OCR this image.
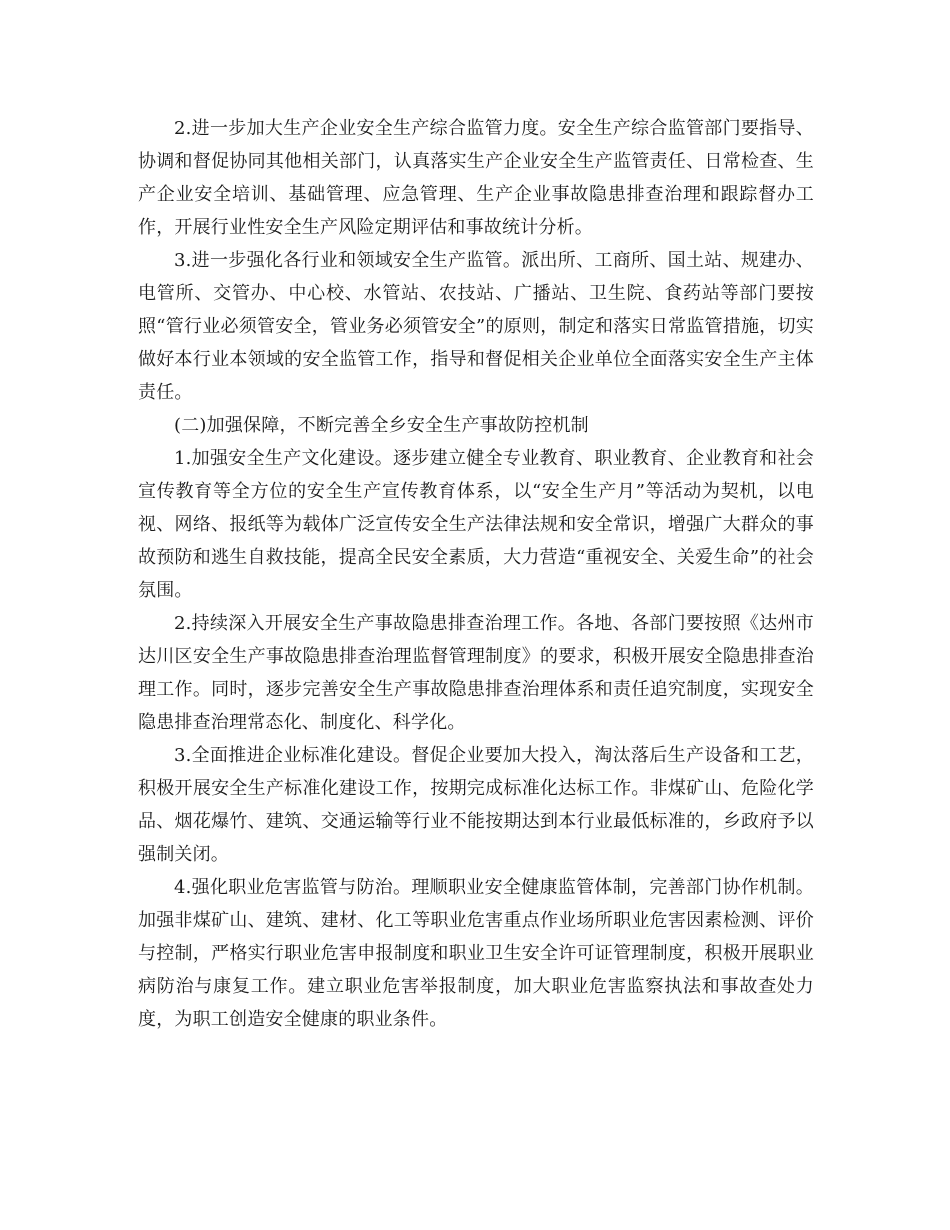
2.进一步加大生产企业安全生产综合监管力度。安全生产综合监管部门要指导、协调和督促协同其他相关部门，认真落实生产企业安全生产监管责任、日常检查、生产企业安全培训、基础管理、应急管理、生产企业事故隐患排查治理和跟踪督办工作，开展行业性安全生产风险定期评估和事故统计分析。

3.进一步强化各行业和领域安全生产监管。派出所、工商所、国土站、规建办、电管所、交管办、中心校、水管站、农技站、广播站、卫生院、食药站等部门要按照“管行业必须管安全，管业务必须管安全”的原则，制定和落实日常监管措施，切实做好本行业本领域的安全监管工作，指导和督促相关企业单位全面落实安全生产主体责任。

(二)加强保障，不断完善全乡安全生产事故防控机制

1.加强安全生产文化建设。逐步建立健全专业教育、职业教育、企业教育和社会宣传教育等全方位的安全生产宣传教育体系，以“安全生产月”等活动为契机，以电视、网络、报纸等为载体广泛宣传安全生产法律法规和安全常识，增强广大群众的事故预防和逃生自救技能，提高全民安全素质，大力营造“重视安全、关爱生命”的社会氛围。

2.持续深入开展安全生产事故隐患排查治理工作。各地、各部门要按照《达州市达川区安全生产事故隐患排查治理监督管理制度》的要求，积极开展安全隐患排查治理工作。同时，逐步完善安全生产事故隐患排查治理体系和责任追究制度，实现安全隐患排查治理常态化、制度化、科学化。

3.全面推进企业标准化建设。督促企业要加大投入，淘汰落后生产设备和工艺，积极开展安全生产标准化建设工作，按期完成标准化达标工作。非煤矿山、危险化学品、烟花爆竹、建筑、交通运输等行业不能按期达到本行业最低标准的，乡政府予以强制关闭。

4.强化职业危害监管与防治。理顺职业安全健康监管体制，完善部门协作机制。加强非煤矿山、建筑、建材、化工等职业危害重点作业场所职业危害因素检测、评价与控制，严格实行职业危害申报制度和职业卫生安全许可证管理制度，积极开展职业病防治与康复工作。建立职业危害举报制度，加大职业危害监察执法和事故查处力度，为职工创造安全健康的职业条件。
